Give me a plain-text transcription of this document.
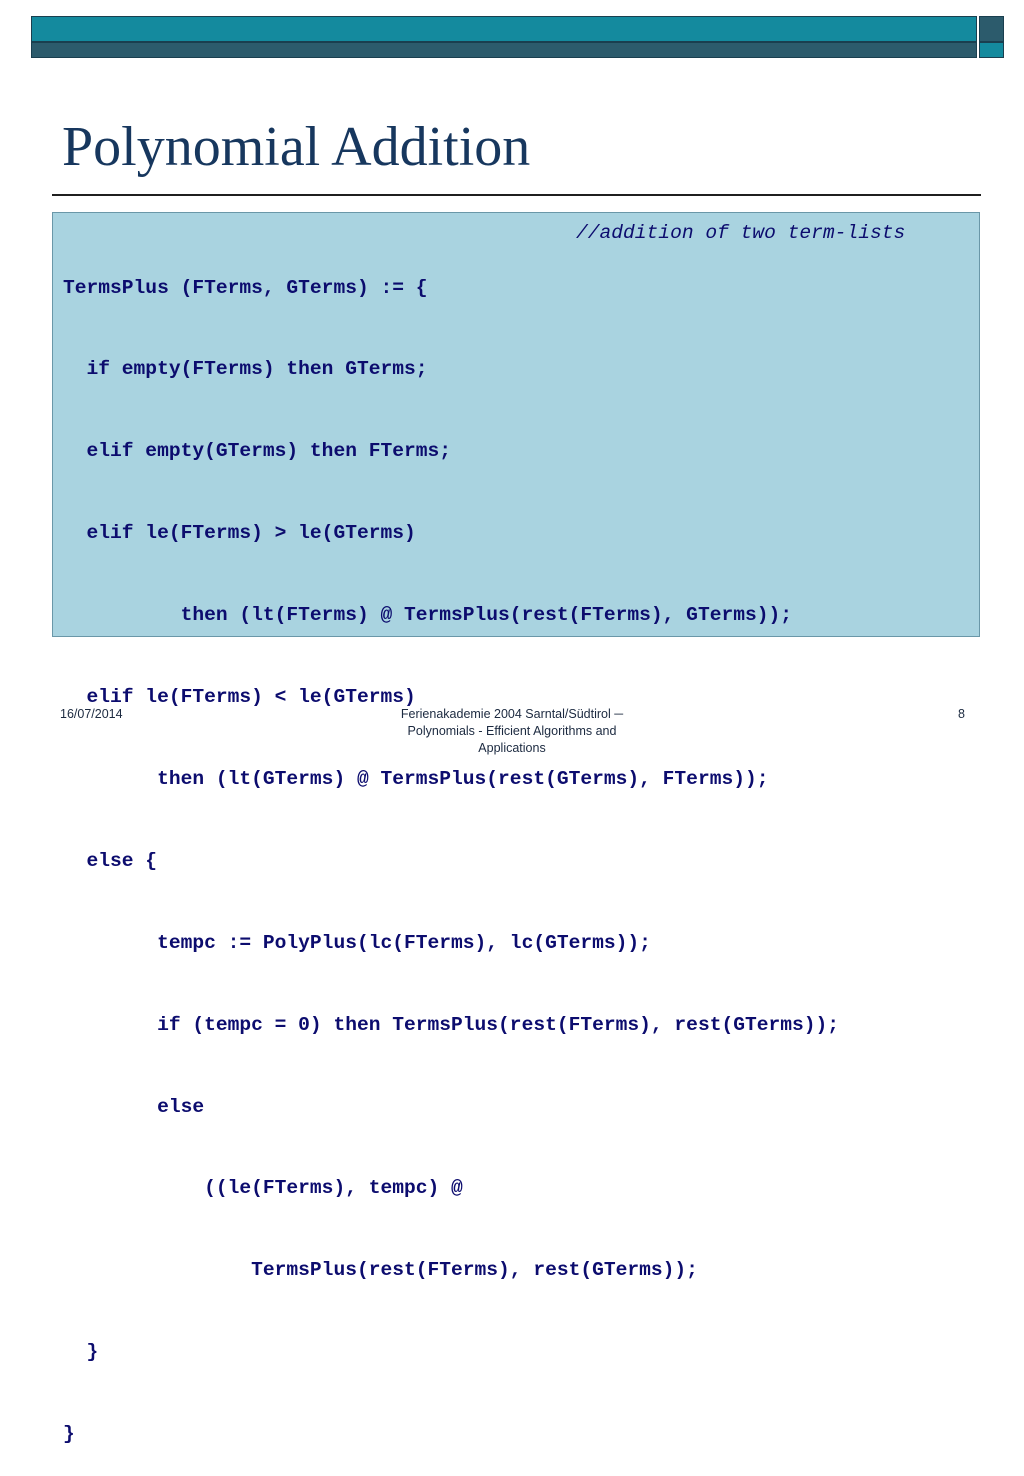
Polynomial Addition

TermsPlus (FTerms, GTerms) := {

if empty(FTerms) then GTerms;

elif empty(GTerms) then FTerms;

elif le(FTerms) > le(GTerms)

then (lt(FTerms) @ TermsPlus(rest(FTerms), GTerms));

elif le(FTerms) < le(GTerms)

then (lt(GTerms) @ TermsPlus(rest(GTerms), FTerms));

else {

tempc := PolyPlus(lc(FTerms), lc(GTerms));

if (tempc = 0) then TermsPlus(rest(FTerms), rest(GTerms));

else

((le(FTerms), tempc) @

TermsPlus(rest(FTerms), rest(GTerms));

}

}

//addition of two term-lists
16/07/2014	Ferienakademie 2004 Sarntal/Südtirol ─
Polynomials - Efficient Algorithms and
Applications
8
